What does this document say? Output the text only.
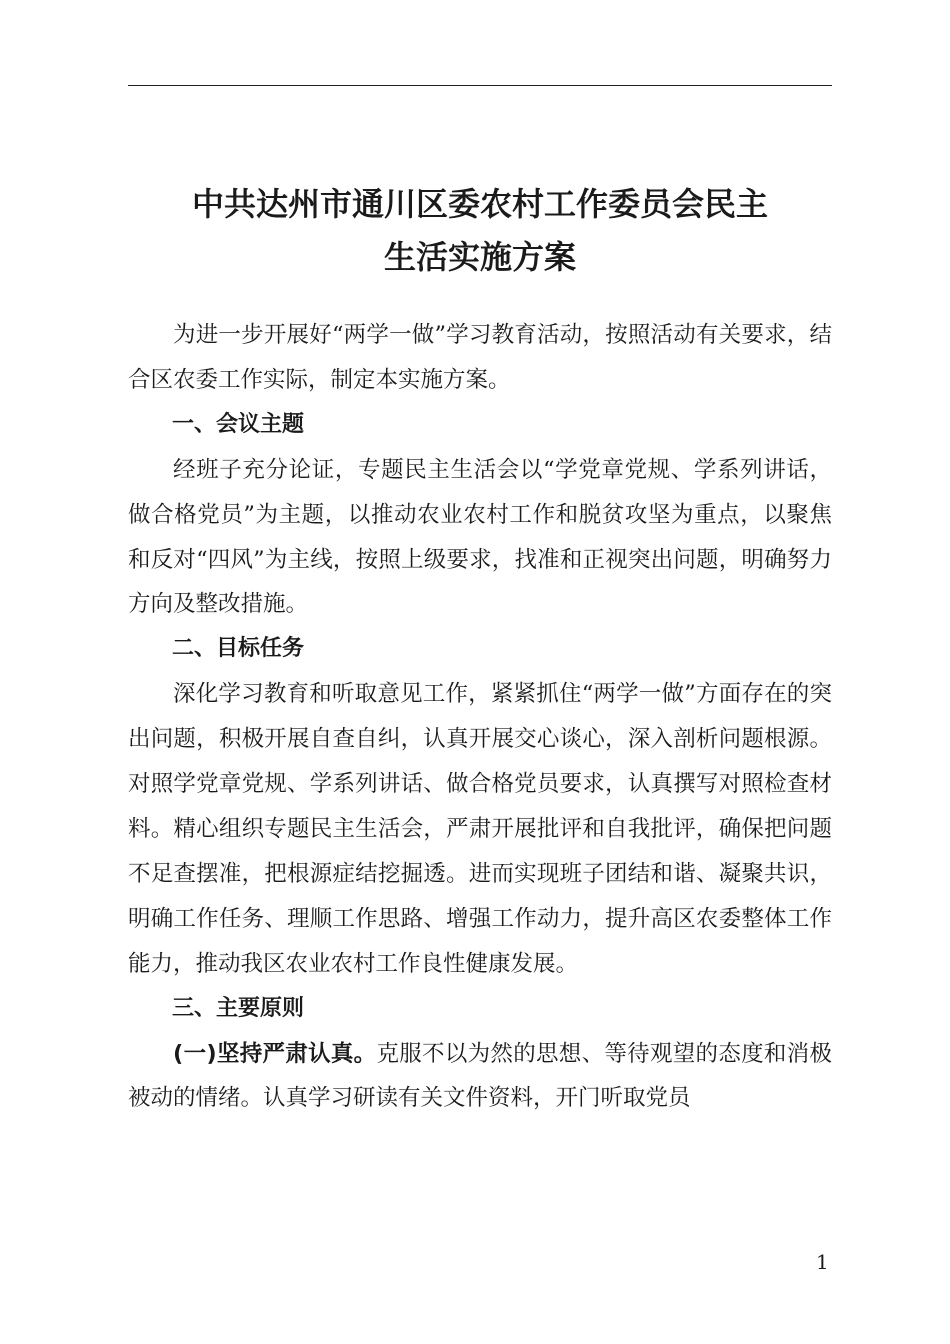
中共达州市通川区委农村工作委员会民主
生活实施方案

为进一步开展好“两学一做”学习教育活动，按照活动有关要求，结合区农委工作实际，制定本实施方案。

一、会议主题

经班子充分论证，专题民主生活会以“学党章党规、学系列讲话，做合格党员”为主题，以推动农业农村工作和脱贫攻坚为重点，以聚焦和反对“四风”为主线，按照上级要求，找准和正视突出问题，明确努力方向及整改措施。

二、目标任务

深化学习教育和听取意见工作，紧紧抓住“两学一做”方面存在的突出问题，积极开展自查自纠，认真开展交心谈心，深入剖析问题根源。对照学党章党规、学系列讲话、做合格党员要求，认真撰写对照检查材料。精心组织专题民主生活会，严肃开展批评和自我批评，确保把问题不足查摆准，把根源症结挖掘透。进而实现班子团结和谐、凝聚共识，明确工作任务、理顺工作思路、增强工作动力，提升高区农委整体工作能力，推动我区农业农村工作良性健康发展。

三、主要原则

(一)坚持严肃认真。克服不以为然的思想、等待观望的态度和消极被动的情绪。认真学习研读有关文件资料，开门听取党员

1
